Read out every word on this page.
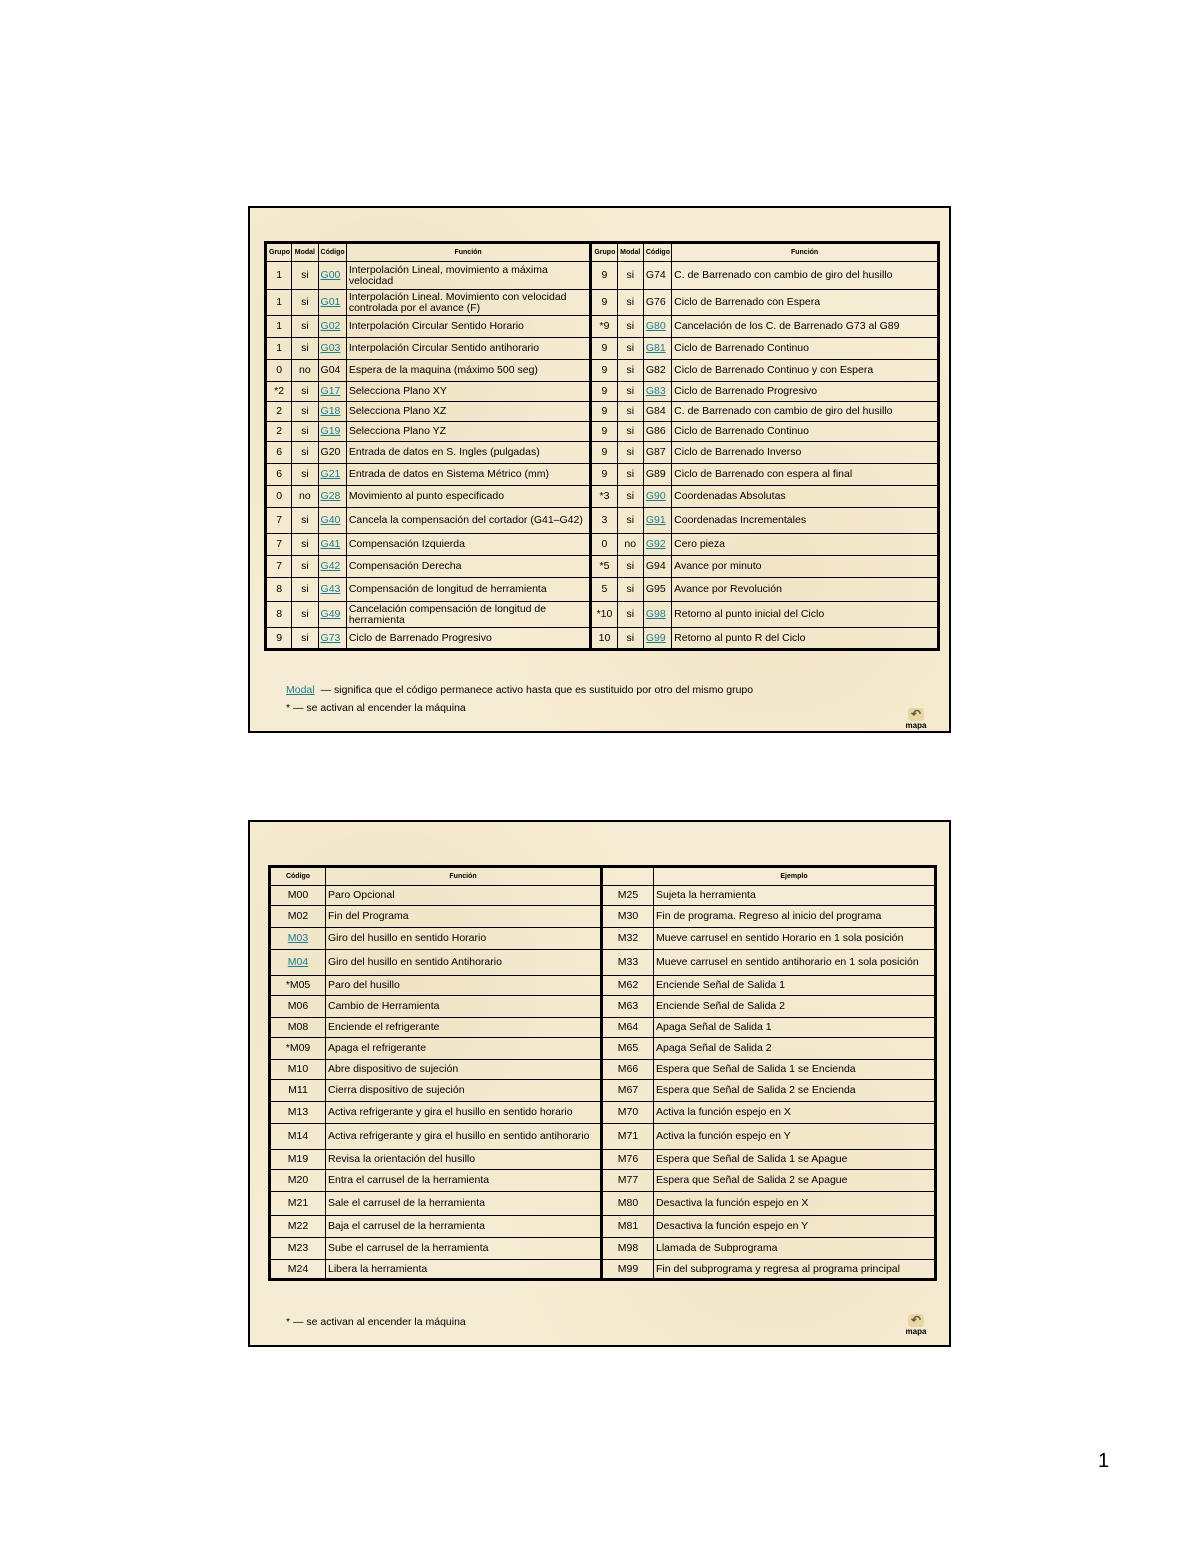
Grupo	Modal	Código	Función	Grupo	Modal	Código	Función
1	si	G00	Interpolación Lineal, movimiento a máxima velocidad	9	si	G74	C. de Barrenado con cambio de giro del husillo
1	si	G01	Interpolación Lineal. Movimiento con velocidad controlada por el avance (F)	9	si	G76	Ciclo de Barrenado con Espera
1	si	G02	Interpolación Circular Sentido Horario	*9	si	G80	Cancelación de los C. de Barrenado G73 al G89
1	si	G03	Interpolación Circular Sentido antihorario	9	si	G81	Ciclo de Barrenado Continuo
0	no	G04	Espera de la maquina (máximo 500 seg)	9	si	G82	Ciclo de Barrenado Continuo y con Espera
*2	si	G17	Selecciona Plano XY	9	si	G83	Ciclo de Barrenado Progresivo
2	si	G18	Selecciona Plano XZ	9	si	G84	C. de Barrenado con cambio de giro del husillo
2	si	G19	Selecciona Plano YZ	9	si	G86	Ciclo de Barrenado Continuo
6	si	G20	Entrada de datos en S. Ingles (pulgadas)	9	si	G87	Ciclo de Barrenado Inverso
6	si	G21	Entrada de datos en Sistema Métrico (mm)	9	si	G89	Ciclo de Barrenado con espera al final
0	no	G28	Movimiento al punto especificado	*3	si	G90	Coordenadas Absolutas
7	si	G40	Cancela la compensación del cortador (G41–G42)	3	si	G91	Coordenadas Incrementales
7	si	G41	Compensación Izquierda	0	no	G92	Cero pieza
7	si	G42	Compensación Derecha	*5	si	G94	Avance por minuto
8	si	G43	Compensación de longitud de herramienta	5	si	G95	Avance por Revolución
8	si	G49	Cancelación compensación de longitud de herramienta	*10	si	G98	Retorno al punto inicial del Ciclo
9	si	G73	Ciclo de Barrenado Progresivo	10	si	G99	Retorno al punto R del Ciclo
Modal — significa que el código permanece activo hasta que es sustituido por otro del mismo grupo
* — se activan al encender la máquina	↶
mapa
Código	Función		Ejemplo
M00	Paro Opcional	M25	Sujeta la herramienta
M02	Fin del Programa	M30	Fin de programa. Regreso al inicio del programa
M03	Giro del husillo en sentido Horario	M32	Mueve carrusel en sentido Horario en 1 sola posición
M04	Giro del husillo en sentido Antihorario	M33	Mueve carrusel en sentido antihorario en 1 sola posición
*M05	Paro del husillo	M62	Enciende Señal de Salida 1
M06	Cambio de Herramienta	M63	Enciende Señal de Salida 2
M08	Enciende el refrigerante	M64	Apaga Señal de Salida 1
*M09	Apaga el refrigerante	M65	Apaga Señal de Salida 2
M10	Abre dispositivo de sujeción	M66	Espera que Señal de Salida 1 se Encienda
M11	Cierra dispositivo de sujeción	M67	Espera que Señal de Salida 2 se Encienda
M13	Activa refrigerante y gira el husillo en sentido horario	M70	Activa la función espejo en X
M14	Activa refrigerante y gira el husillo en sentido antihorario	M71	Activa la función espejo en Y
M19	Revisa la orientación del husillo	M76	Espera que Señal de Salida 1 se Apague
M20	Entra el carrusel de la herramienta	M77	Espera que Señal de Salida 2 se Apague
M21	Sale el carrusel de la herramienta	M80	Desactiva la función espejo en X
M22	Baja el carrusel de la herramienta	M81	Desactiva la función espejo en Y
M23	Sube el carrusel de la herramienta	M98	Llamada de Subprograma
M24	Libera la herramienta	M99	Fin del subprograma y regresa al programa principal
* — se activan al encender la máquina	↶
mapa
1
